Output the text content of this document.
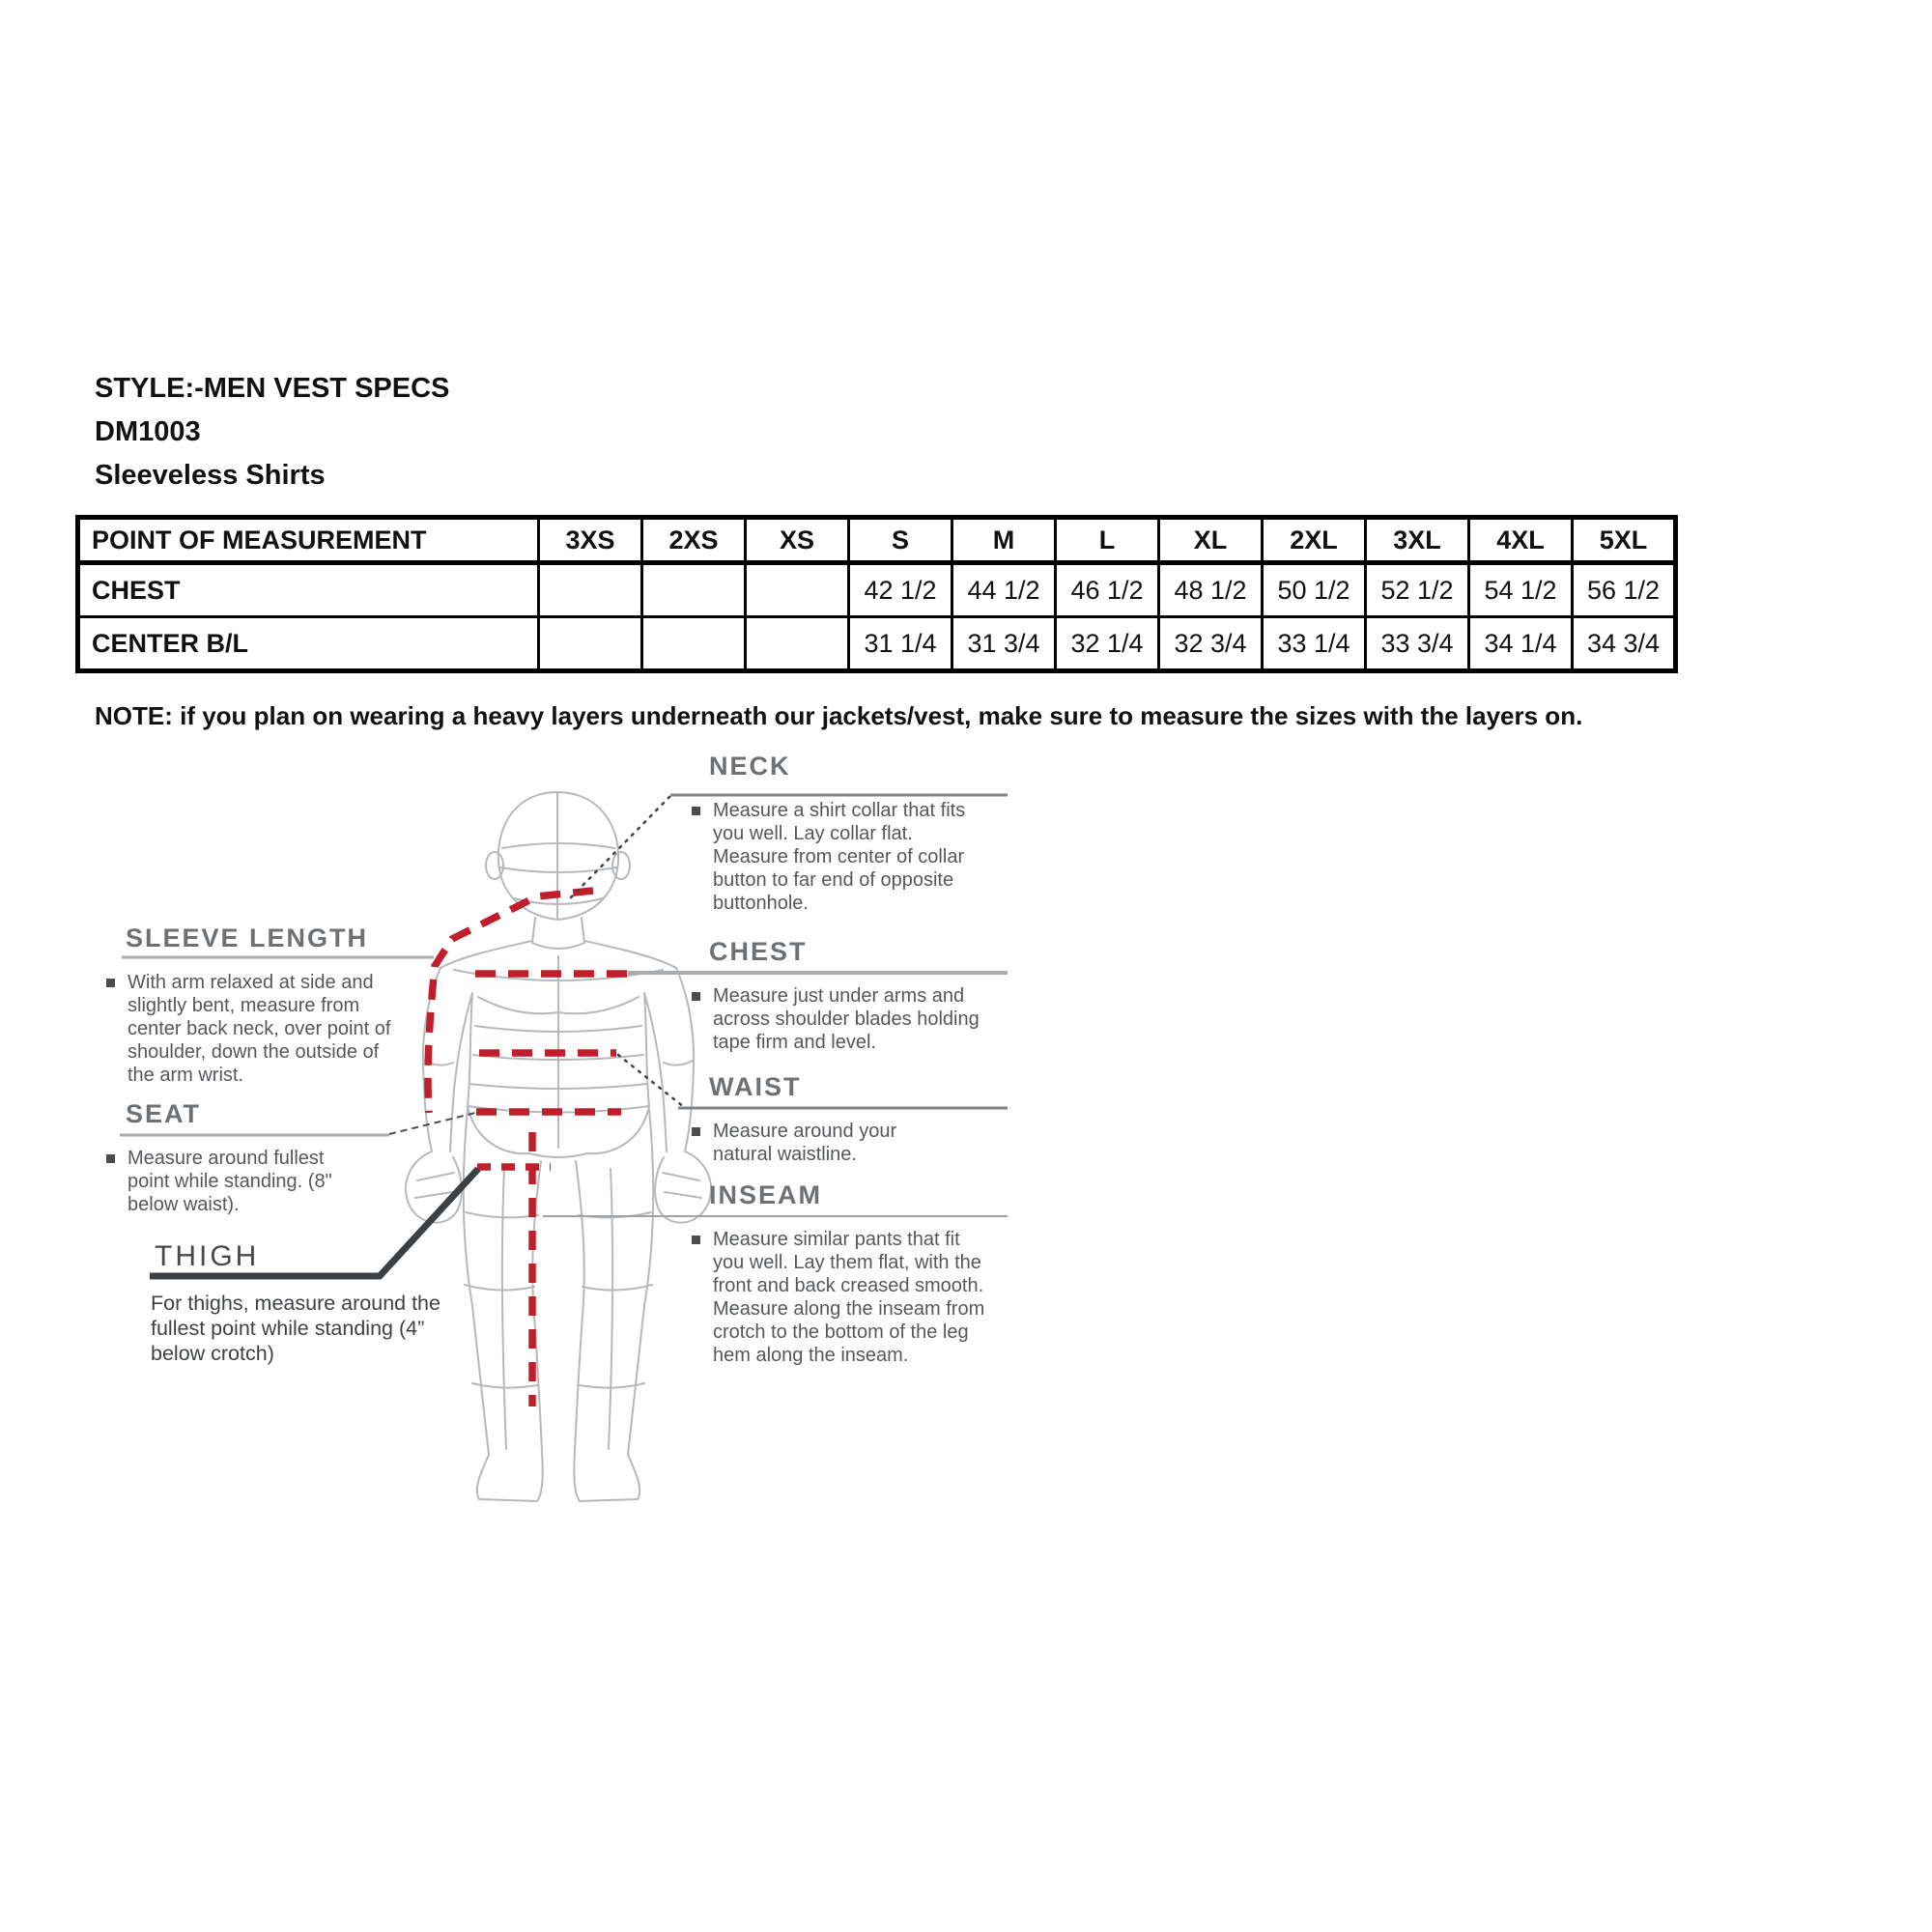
STYLE:-MEN VEST SPECS
DM1003
Sleeveless Shirts
POINT OF MEASUREMENT	3XS	2XS	XS	S	M	L	XL	2XL	3XL	4XL	5XL
CHEST				42 1/2	44 1/2	46 1/2	48 1/2	50 1/2	52 1/2	54 1/2	56 1/2
CENTER B/L				31 1/4	31 3/4	32 1/4	32 3/4	33 1/4	33 3/4	34 1/4	34 3/4
NOTE: if you plan on wearing a heavy layers underneath our jackets/vest, make sure to measure the sizes with the layers on.
NECK

Measure a shirt collar that fits you well. Lay collar flat. Measure from center of collar button to far end of opposite buttonhole.

CHEST

Measure just under arms and across shoulder blades holding tape firm and level.

WAIST

Measure around your natural waistline.

INSEAM

Measure similar pants that fit you well. Lay them flat, with the front and back creased smooth. Measure along the inseam from crotch to the bottom of the leg hem along the inseam.

SLEEVE LENGTH

With arm relaxed at side and slightly bent, measure from center back neck, over point of shoulder, down the outside of the arm wrist.

SEAT

Measure around fullest point while standing. (8" below waist).

THIGH

For thighs, measure around the fullest point while standing (4” below crotch)
